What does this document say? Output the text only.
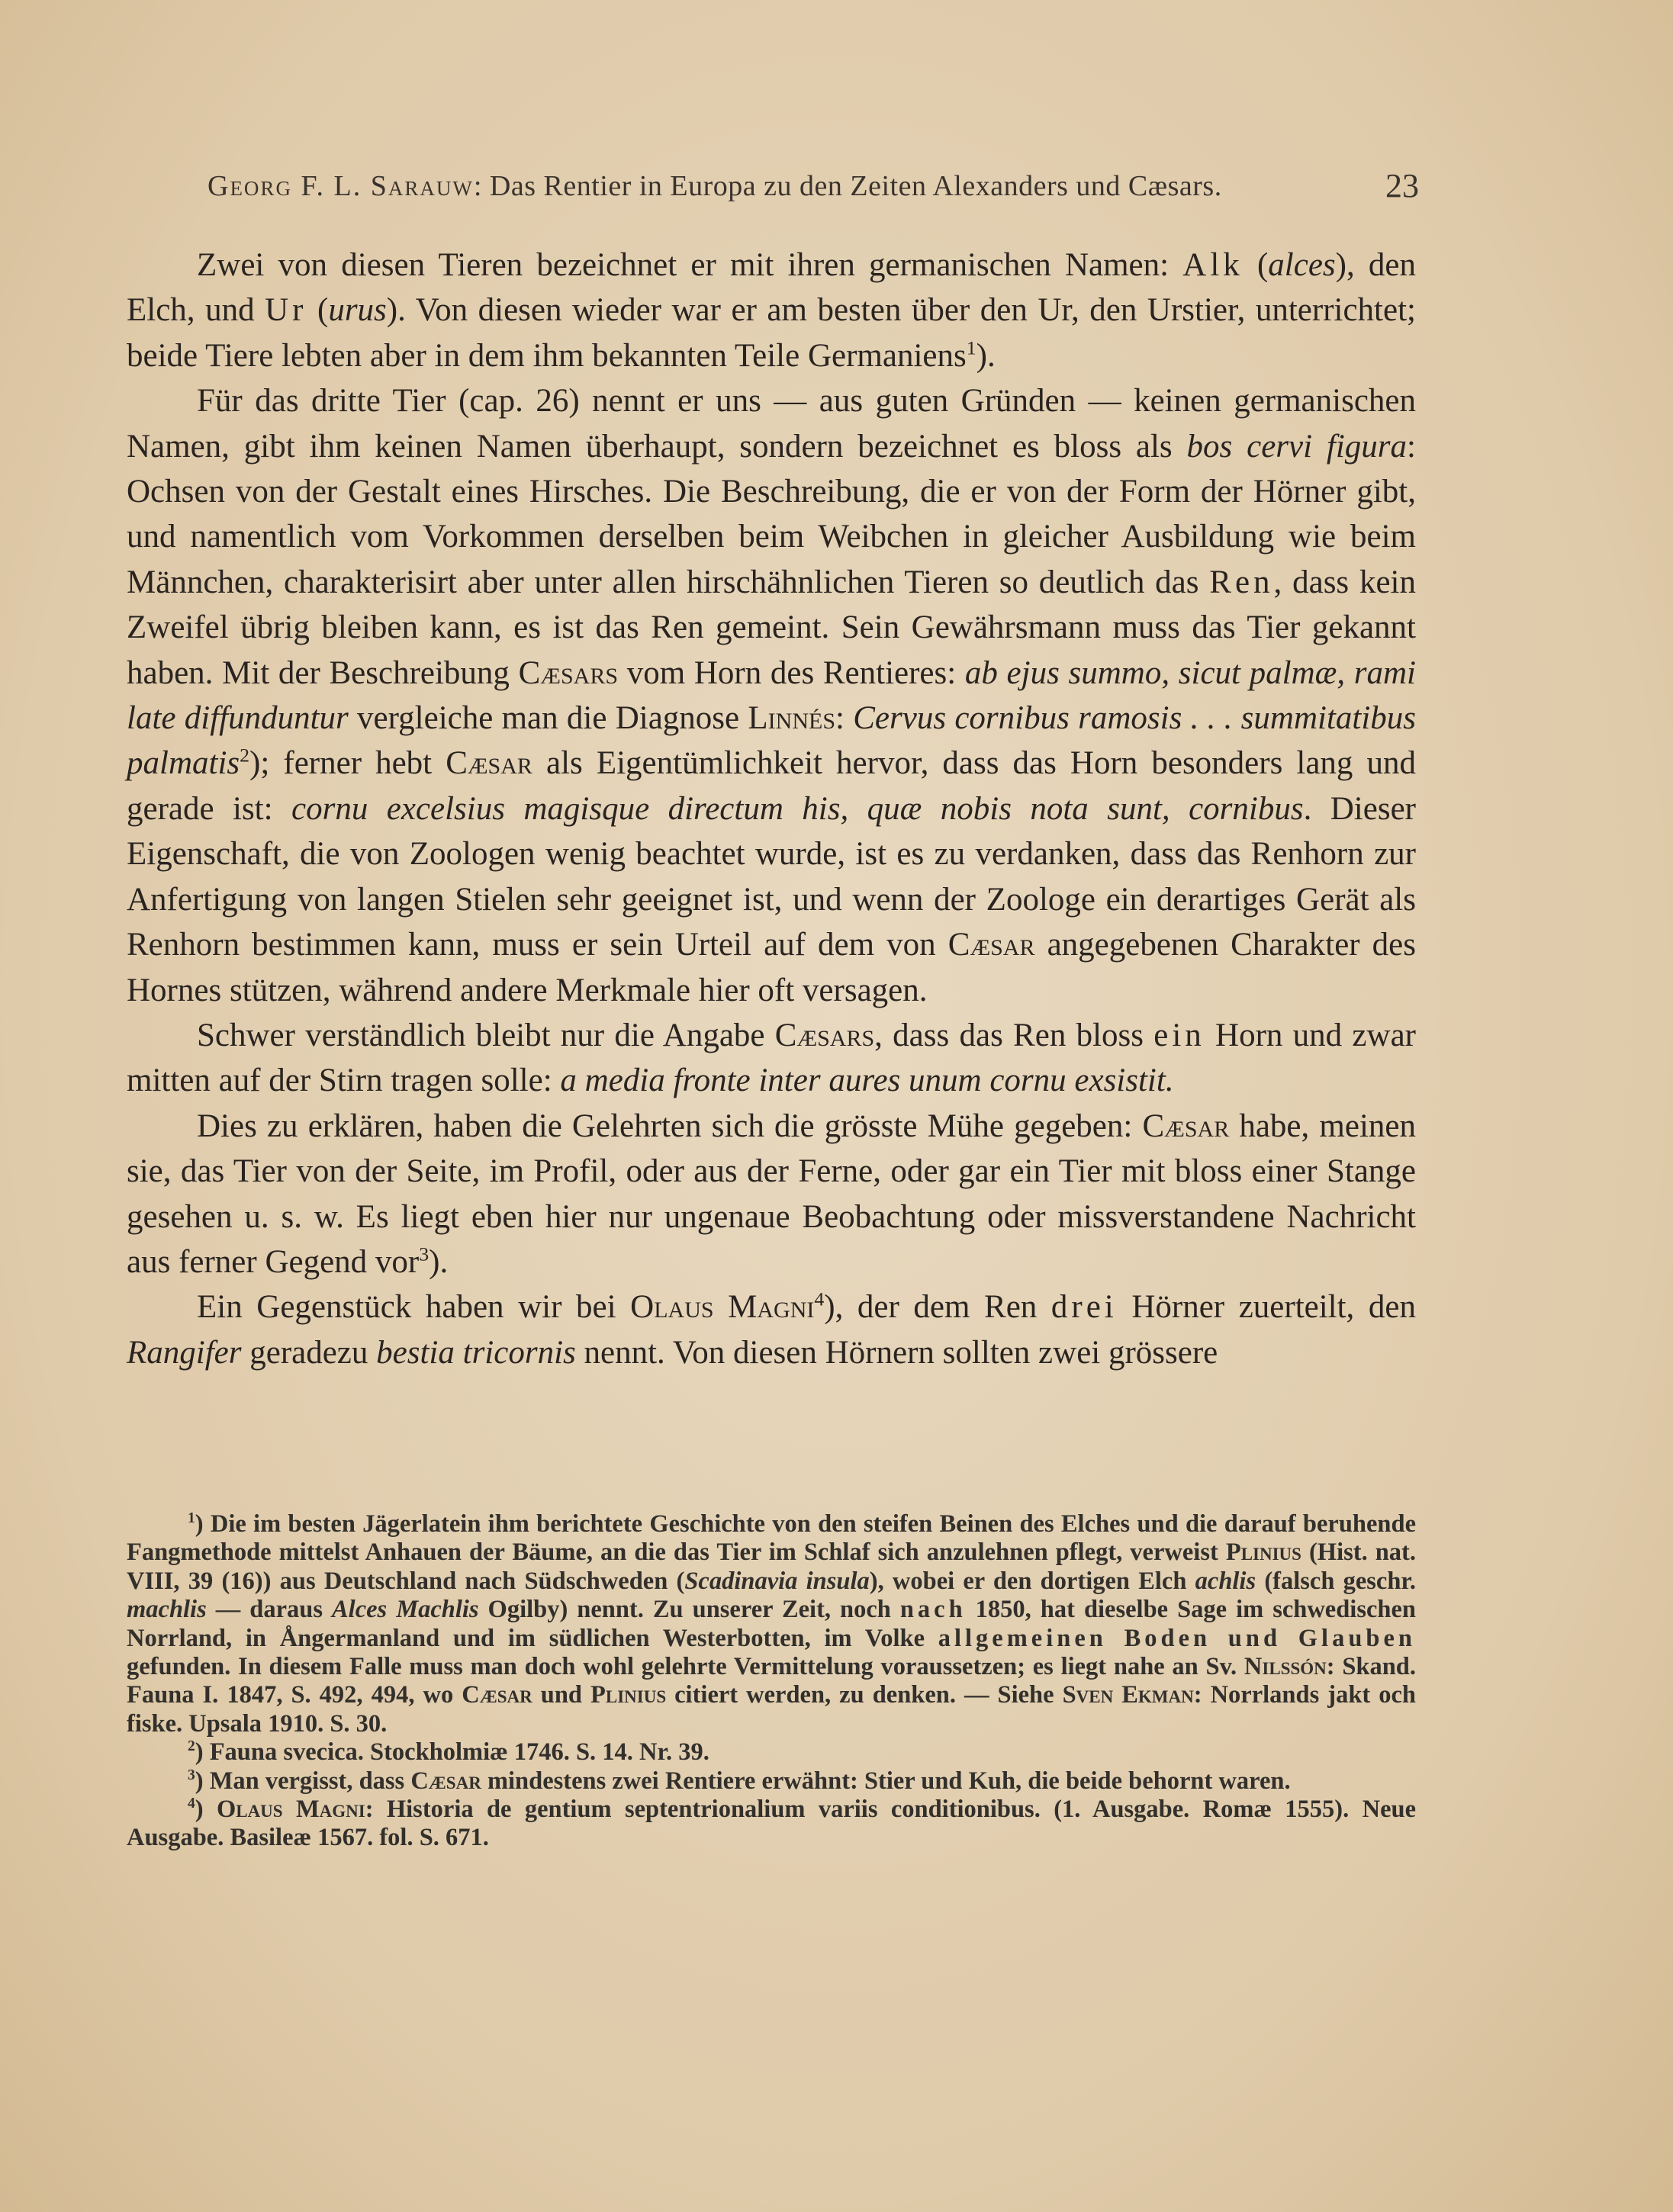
Georg F. L. Sarauw: Das Rentier in Europa zu den Zeiten Alexanders und Cæsars.	23

Zwei von diesen Tieren bezeichnet er mit ihren germanischen Namen: Alk (alces), den Elch, und Ur (urus). Von diesen wieder war er am besten über den Ur, den Urstier, unterrichtet; beide Tiere lebten aber in dem ihm bekannten Teile Germaniens$^1$).

Für das dritte Tier (cap. 26) nennt er uns — aus guten Gründen — keinen germanischen Namen, gibt ihm keinen Namen überhaupt, sondern bezeichnet es bloss als bos cervi figura: Ochsen von der Gestalt eines Hirsches. Die Beschreibung, die er von der Form der Hörner gibt, und namentlich vom Vorkommen derselben beim Weibchen in gleicher Ausbildung wie beim Männchen, charakterisirt aber unter allen hirschähnlichen Tieren so deutlich das Ren, dass kein Zweifel übrig bleiben kann, es ist das Ren gemeint. Sein Gewährsmann muss das Tier gekannt haben. Mit der Beschreibung Cæsars vom Horn des Rentieres: ab ejus summo, sicut palmæ, rami late diffunduntur vergleiche man die Diagnose Linnés: Cervus cornibus ramosis . . . summitatibus palmatis$^2$); ferner hebt Cæsar als Eigentümlichkeit hervor, dass das Horn besonders lang und gerade ist: cornu excelsius magisque directum his, quæ nobis nota sunt, cornibus. Dieser Eigenschaft, die von Zoologen wenig beachtet wurde, ist es zu verdanken, dass das Renhorn zur Anfertigung von langen Stielen sehr geeignet ist, und wenn der Zoologe ein derartiges Gerät als Renhorn bestimmen kann, muss er sein Urteil auf dem von Cæsar angegebenen Charakter des Hornes stützen, während andere Merkmale hier oft versagen.

Schwer verständlich bleibt nur die Angabe Cæsars, dass das Ren bloss ein Horn und zwar mitten auf der Stirn tragen solle: a media fronte inter aures unum cornu exsistit.

Dies zu erklären, haben die Gelehrten sich die grösste Mühe gegeben: Cæsar habe, meinen sie, das Tier von der Seite, im Profil, oder aus der Ferne, oder gar ein Tier mit bloss einer Stange gesehen u. s. w. Es liegt eben hier nur ungenaue Beobachtung oder missverstandene Nachricht aus ferner Gegend vor$^3$).

Ein Gegenstück haben wir bei Olaus Magni$^4$), der dem Ren drei Hörner zuerteilt, den Rangifer geradezu bestia tricornis nennt. Von diesen Hörnern sollten zwei grössere

$^1$) Die im besten Jägerlatein ihm berichtete Geschichte von den steifen Beinen des Elches und die darauf beruhende Fangmethode mittelst Anhauen der Bäume, an die das Tier im Schlaf sich anzulehnen pflegt, verweist Plinius (Hist. nat. VIII, 39 (16)) aus Deutschland nach Südschweden (Scadinavia insula), wobei er den dortigen Elch achlis (falsch geschr. machlis — daraus Alces Machlis Ogilby) nennt. Zu unserer Zeit, noch nach 1850, hat dieselbe Sage im schwedischen Norrland, in Ångermanland und im südlichen Westerbotten, im Volke allgemeinen Boden und Glauben gefunden. In diesem Falle muss man doch wohl gelehrte Vermittelung voraussetzen; es liegt nahe an Sv. Nilssón: Skand. Fauna I. 1847, S. 492, 494, wo Cæsar und Plinius citiert werden, zu denken. — Siehe Sven Ekman: Norrlands jakt och fiske. Upsala 1910. S. 30.

$^2$) Fauna svecica. Stockholmiæ 1746. S. 14. Nr. 39.

$^3$) Man vergisst, dass Cæsar mindestens zwei Rentiere erwähnt: Stier und Kuh, die beide behornt waren.

$^4$) Olaus Magni: Historia de gentium septentrionalium variis conditionibus. (1. Ausgabe. Romæ 1555). Neue Ausgabe. Basileæ 1567. fol. S. 671.
